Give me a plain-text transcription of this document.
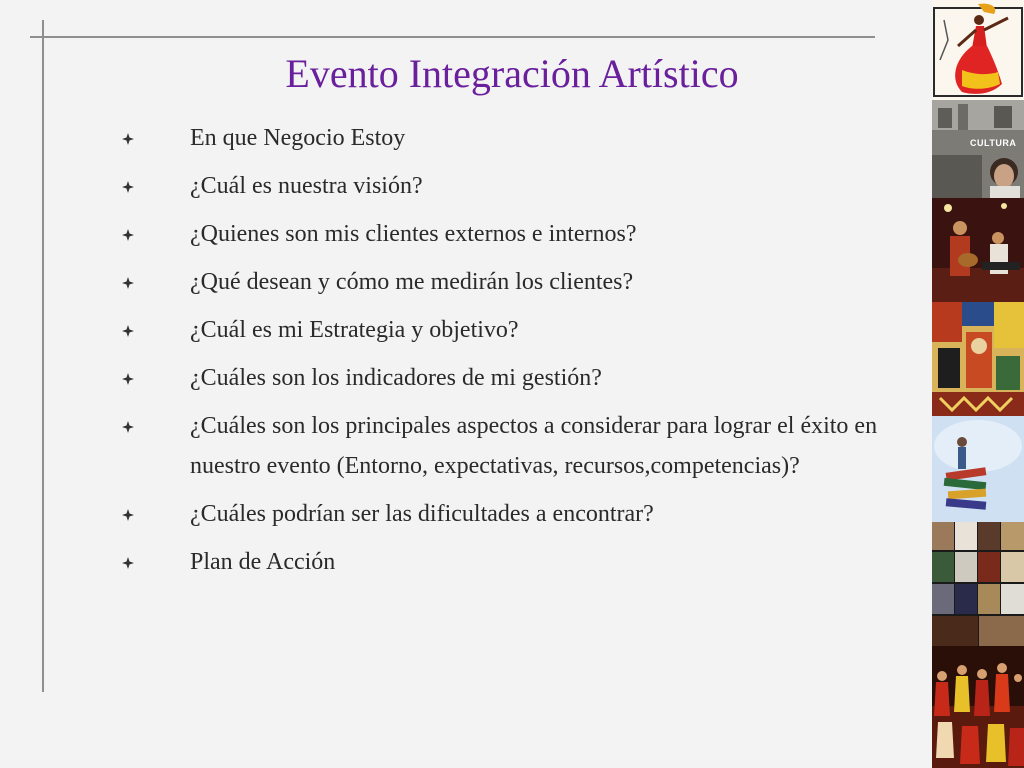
Evento Integración Artístico
En que Negocio Estoy
¿Cuál es nuestra visión?
¿Quienes son mis clientes externos e internos?
¿Qué desean y cómo me medirán los clientes?
¿Cuál es mi Estrategia y objetivo?
¿Cuáles son los indicadores de mi gestión?
¿Cuáles son los principales aspectos a considerar para lograr el éxito en nuestro evento (Entorno, expectativas, recursos,competencias)?
¿Cuáles podrían ser las dificultades a encontrar?
Plan de Acción
CULTURA
